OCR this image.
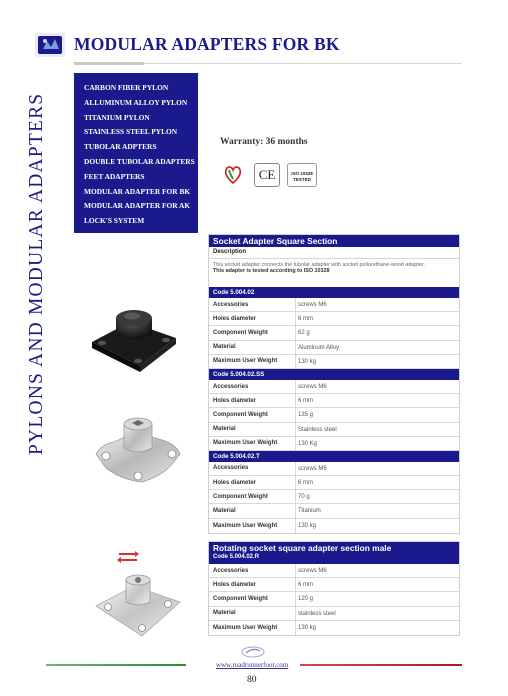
MODULAR ADAPTERS FOR BK
PYLONS AND MODULAR ADAPTERS
CARBON FIBER PYLON
ALLUMINUM ALLOY PYLON
TITANIUM PYLON
STAINLESS STEEL PYLON
TUBOLAR ADPTERS
DOUBLE TUBOLAR ADAPTERS
FEET ADAPTERS
MODULAR ADAPTER FOR BK
MODULAR ADAPTER FOR AK
LOCK'S SYSTEM
Warranty: 36 months
CE	ISO 10328
TESTED
Socket Adapter Square Section
Description
This socket adapter connects the tubolar adapter with socket poliurethane-wood adapter.
This adapter is tested according to ISO 10328
Code 5.004.02
Accessories	screws M6
Holes diameter	6 mm
Component Weight	62 g
Material	Aluminum Alloy
Maximum User Weight	130 kg
Code 5.004.02.SS
Accessories	screws M6
Holes diameter	6 mm
Component Weight	135 g
Material	Stainless steel
Maximum User Weight	130 Kg
Code 5.004.02.T
Accessories	screws M6
Holes diameter	6 mm
Component Weight	70 g
Material	Titanium
Maximum User Weight	130 kg
Rotating socket square adapter section male
Code 5.004.02.R
Accessories	screws M6
Holes diameter	6 mm
Component Weight	120 g
Material	stainless steel
Maximum User Weight	130 kg
www.roadrunnerfoot.com
80
